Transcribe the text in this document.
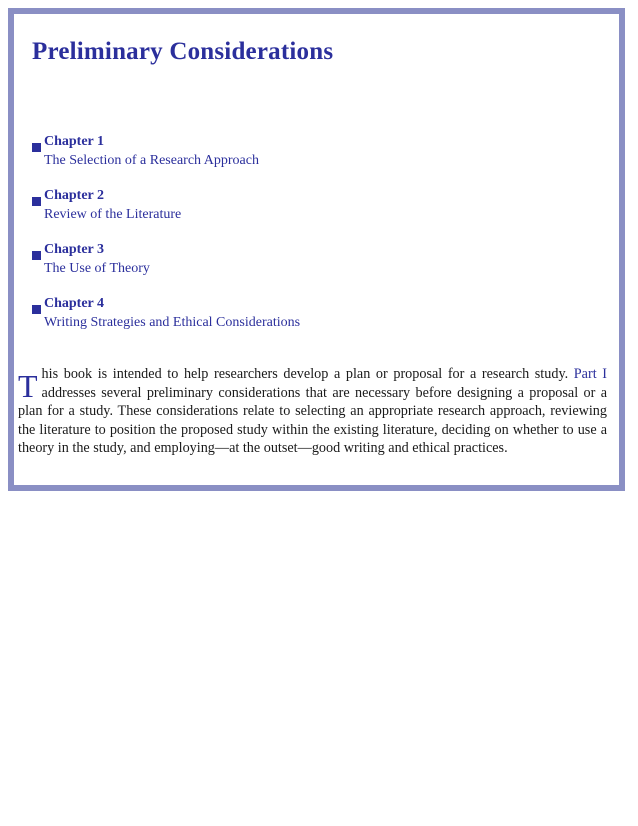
Preliminary Considerations
Chapter 1
The Selection of a Research Approach
Chapter 2
Review of the Literature
Chapter 3
The Use of Theory
Chapter 4
Writing Strategies and Ethical Considerations

This book is intended to help researchers develop a plan or proposal for a research study. Part I addresses several preliminary considerations that are necessary before designing a proposal or a plan for a study. These considerations relate to selecting an appropriate research approach, reviewing the literature to position the proposed study within the existing literature, deciding on whether to use a theory in the study, and employing—at the outset—good writing and ethical practices.
